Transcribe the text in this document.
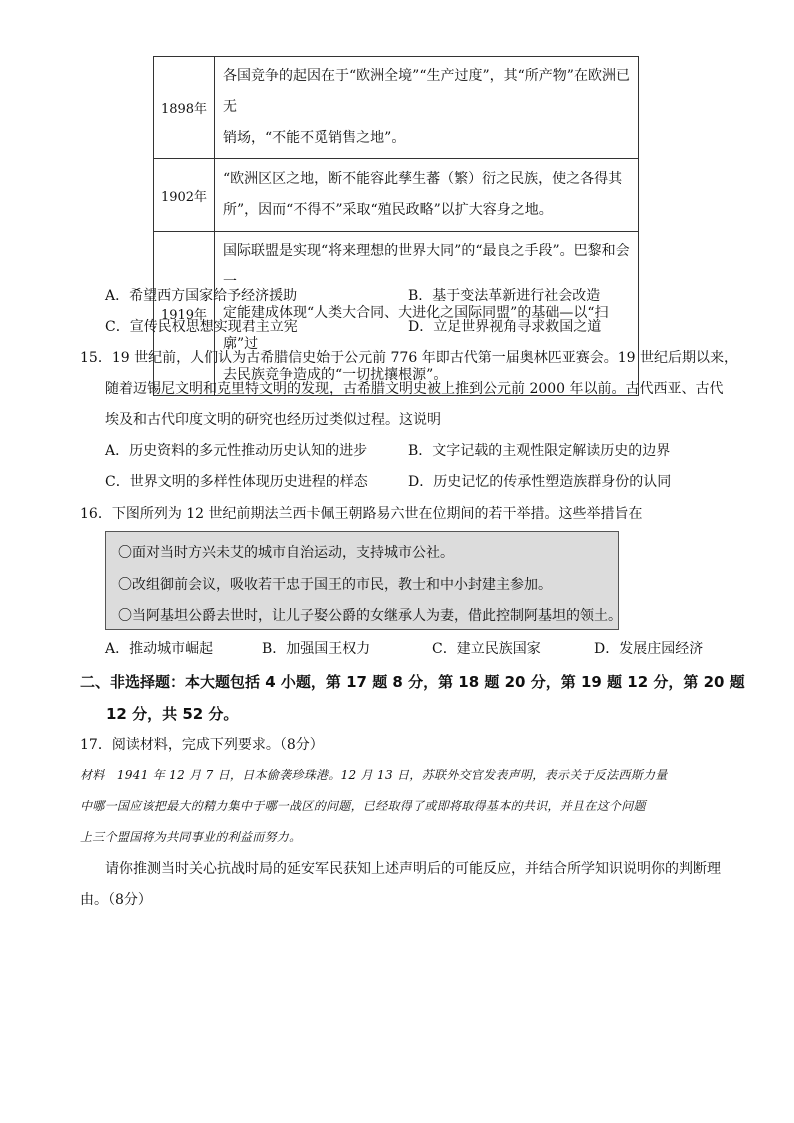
1898年	各国竞争的起因在于“欧洲全境”“生产过度”，其“所产物”在欧洲已无
销场，“不能不觅销售之地”。

1902年	“欧洲区区之地，断不能容此孳生蕃（繁）衍之民族，使之各得其
所”，因而“不得不”采取“殖民政略”以扩大容身之地。

1919年	国际联盟是实现“将来理想的世界大同”的“最良之手段”。巴黎和会一
定能建成体现“人类大合同、大进化之国际同盟”的基础—以“扫廓”过
去民族竞争造成的“一切扰攘根源”。
A．希望西方国家给予经济援助	B．基于变法革新进行社会改造
C．宣传民权思想实现君主立宪	D．立足世界视角寻求救国之道
15．19 世纪前，人们认为古希腊信史始于公元前 776 年即古代第一届奥林匹亚赛会。19 世纪后期以来，
随着迈锡尼文明和克里特文明的发现，古希腊文明史被上推到公元前 2000 年以前。古代西亚、古代
埃及和古代印度文明的研究也经历过类似过程。这说明
A．历史资料的多元性推动历史认知的进步	B．文字记载的主观性限定解读历史的边界
C．世界文明的多样性体现历史进程的样态	D．历史记忆的传承性塑造族群身份的认同
16．下图所列为 12 世纪前期法兰西卡佩王朝路易六世在位期间的若干举措。这些举措旨在
〇面对当时方兴未艾的城市自治运动，支持城市公社。
〇改组御前会议，吸收若干忠于国王的市民，教士和中小封建主参加。
〇当阿基坦公爵去世时，让儿子娶公爵的女继承人为妻，借此控制阿基坦的领土。
A．推动城市崛起	B．加强国王权力	C．建立民族国家	D．发展庄园经济
二、非选择题：本大题包括 4 小题，第 17 题 8 分，第 18 题 20 分，第 19 题 12 分，第 20 题
12 分，共 52 分。
17．阅读材料，完成下列要求。（8分）
材料　1941 年 12 月 7 日，日本偷袭珍珠港。12 月 13 日，苏联外交官发表声明，表示关于反法西斯力量
中哪一国应该把最大的精力集中于哪一战区的问题，已经取得了或即将取得基本的共识，并且在这个问题
上三个盟国将为共同事业的利益而努力。
请你推测当时关心抗战时局的延安军民获知上述声明后的可能反应，并结合所学知识说明你的判断理
由。（8分）
